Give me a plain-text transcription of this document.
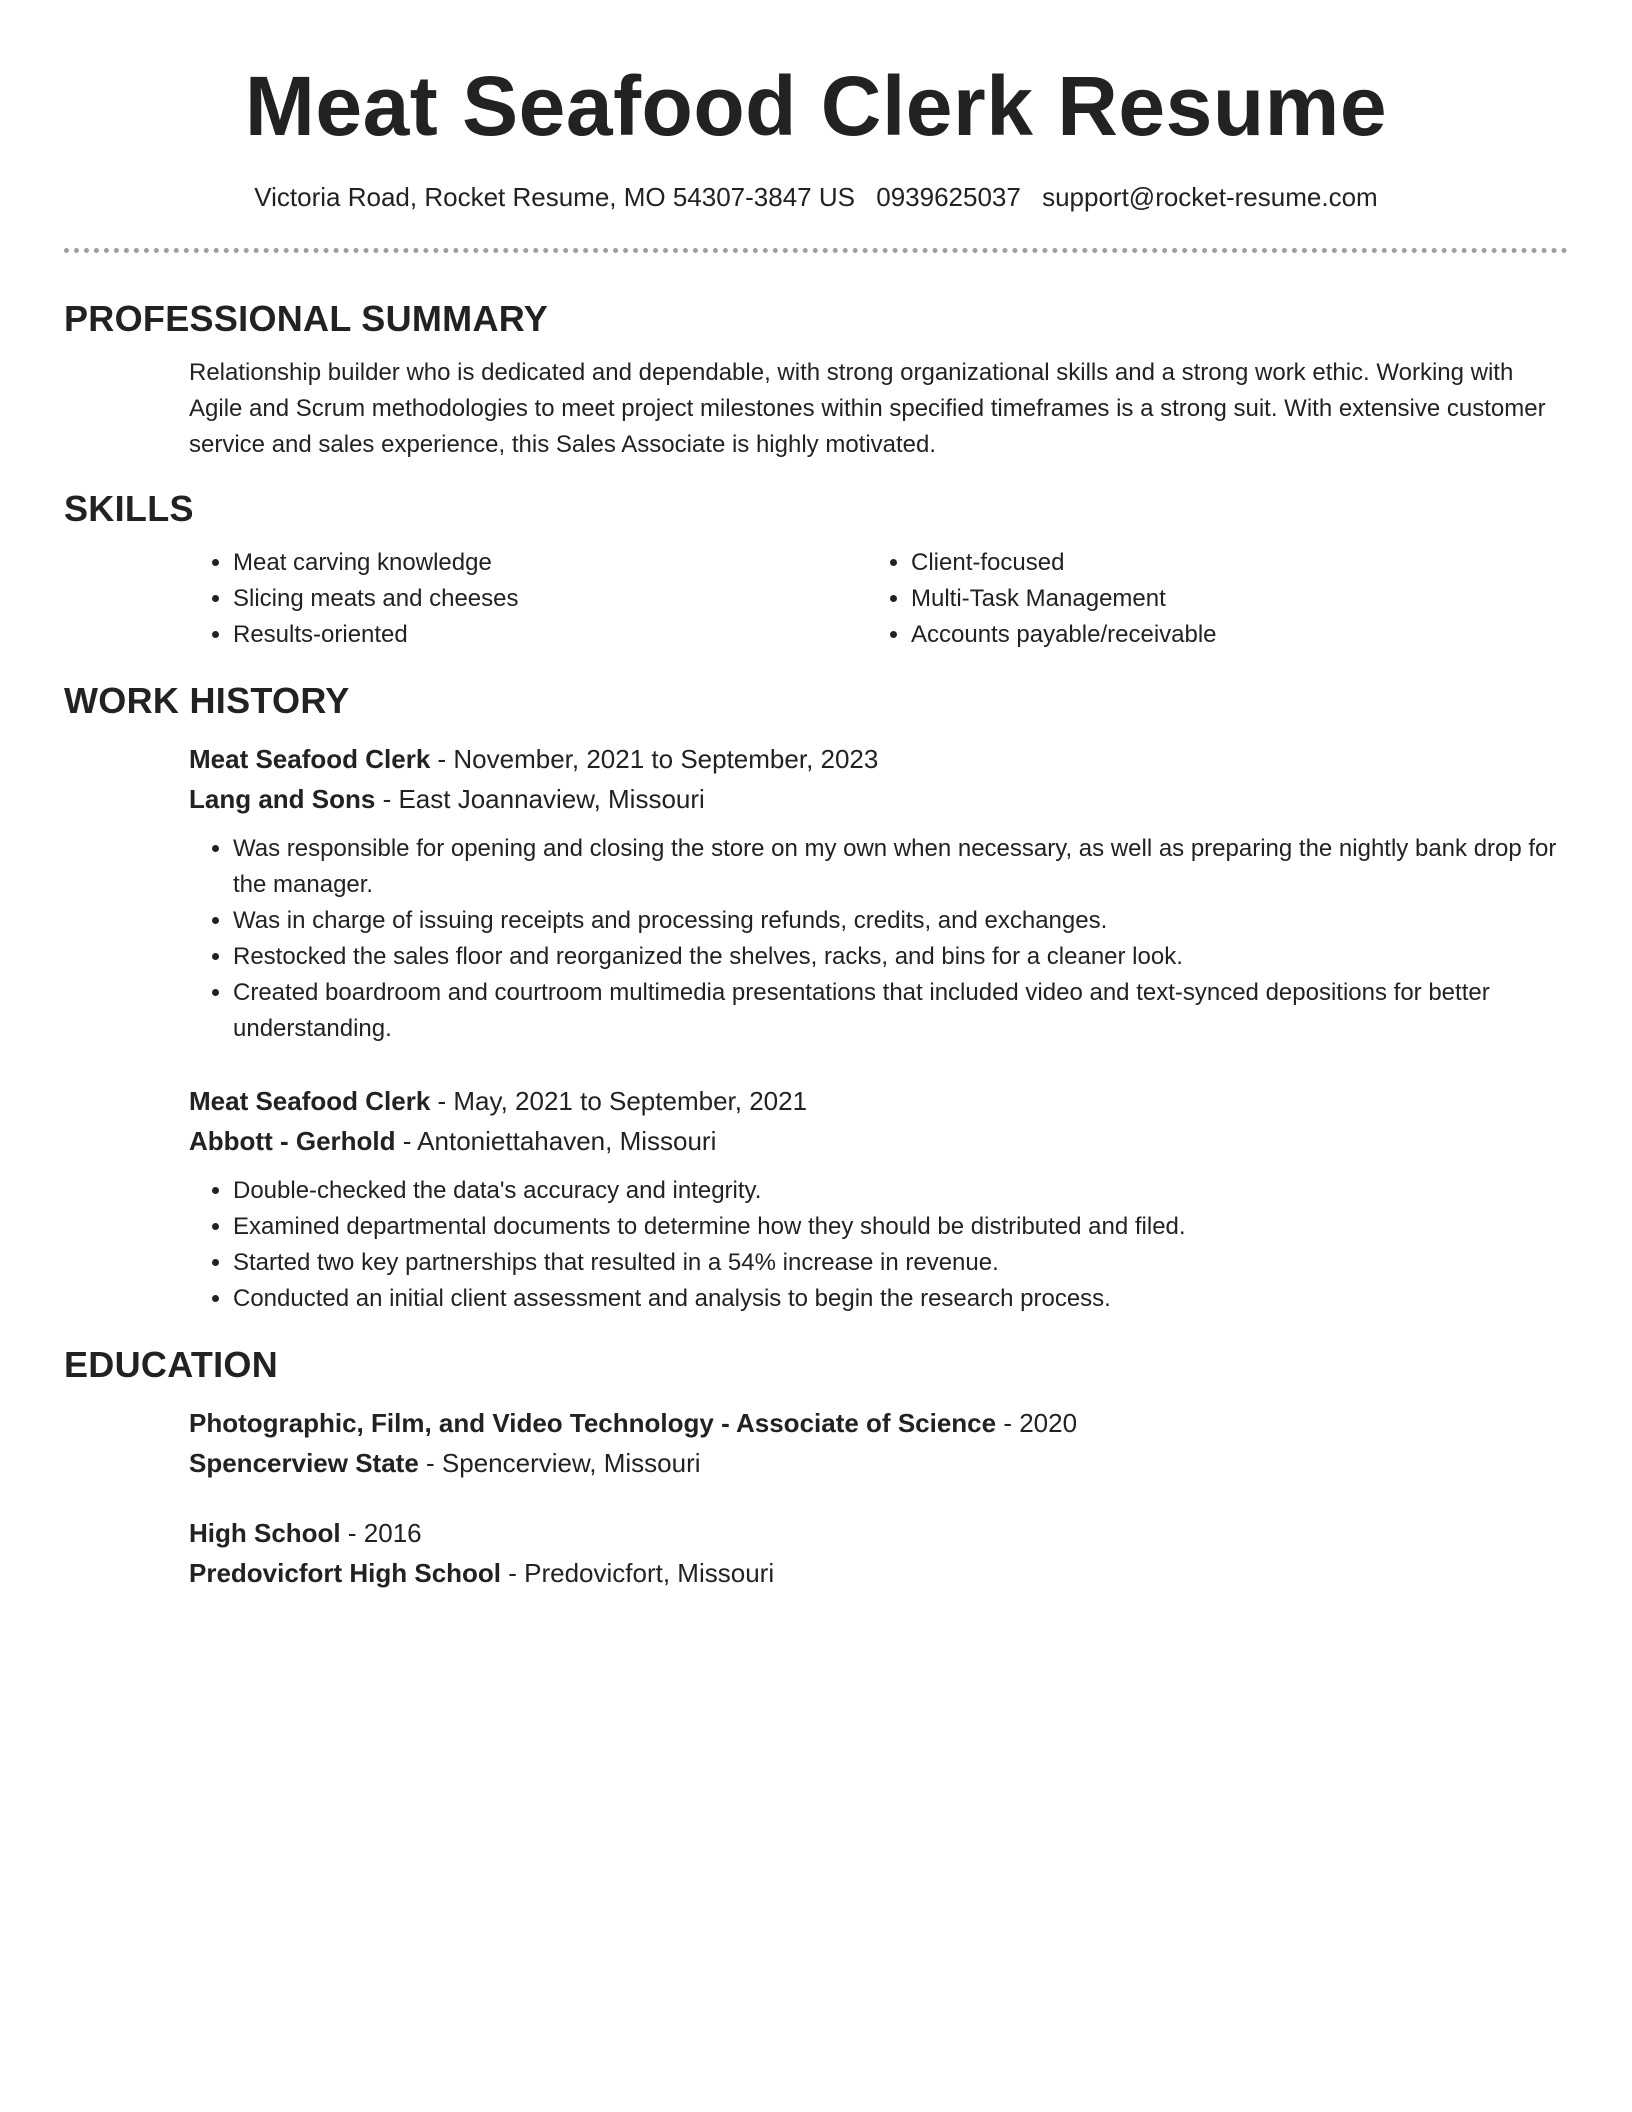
Meat Seafood Clerk Resume
Victoria Road, Rocket Resume, MO 54307-3847 US 0939625037 support@rocket-resume.com
PROFESSIONAL SUMMARY
Relationship builder who is dedicated and dependable, with strong organizational skills and a strong work ethic. Working with Agile and Scrum methodologies to meet project milestones within specified timeframes is a strong suit. With extensive customer service and sales experience, this Sales Associate is highly motivated.
SKILLS
• Meat carving knowledge
• Slicing meats and cheeses
• Results-oriented
• Client-focused
• Multi-Task Management
• Accounts payable/receivable
WORK HISTORY
Meat Seafood Clerk - November, 2021 to September, 2023
Lang and Sons - East Joannaview, Missouri
• Was responsible for opening and closing the store on my own when necessary, as well as preparing the nightly bank drop for the manager.
• Was in charge of issuing receipts and processing refunds, credits, and exchanges.
• Restocked the sales floor and reorganized the shelves, racks, and bins for a cleaner look.
• Created boardroom and courtroom multimedia presentations that included video and text-synced depositions for better understanding.
Meat Seafood Clerk - May, 2021 to September, 2021
Abbott - Gerhold - Antoniettahaven, Missouri
• Double-checked the data's accuracy and integrity.
• Examined departmental documents to determine how they should be distributed and filed.
• Started two key partnerships that resulted in a 54% increase in revenue.
• Conducted an initial client assessment and analysis to begin the research process.
EDUCATION
Photographic, Film, and Video Technology - Associate of Science - 2020
Spencerview State - Spencerview, Missouri
High School - 2016
Predovicfort High School - Predovicfort, Missouri
